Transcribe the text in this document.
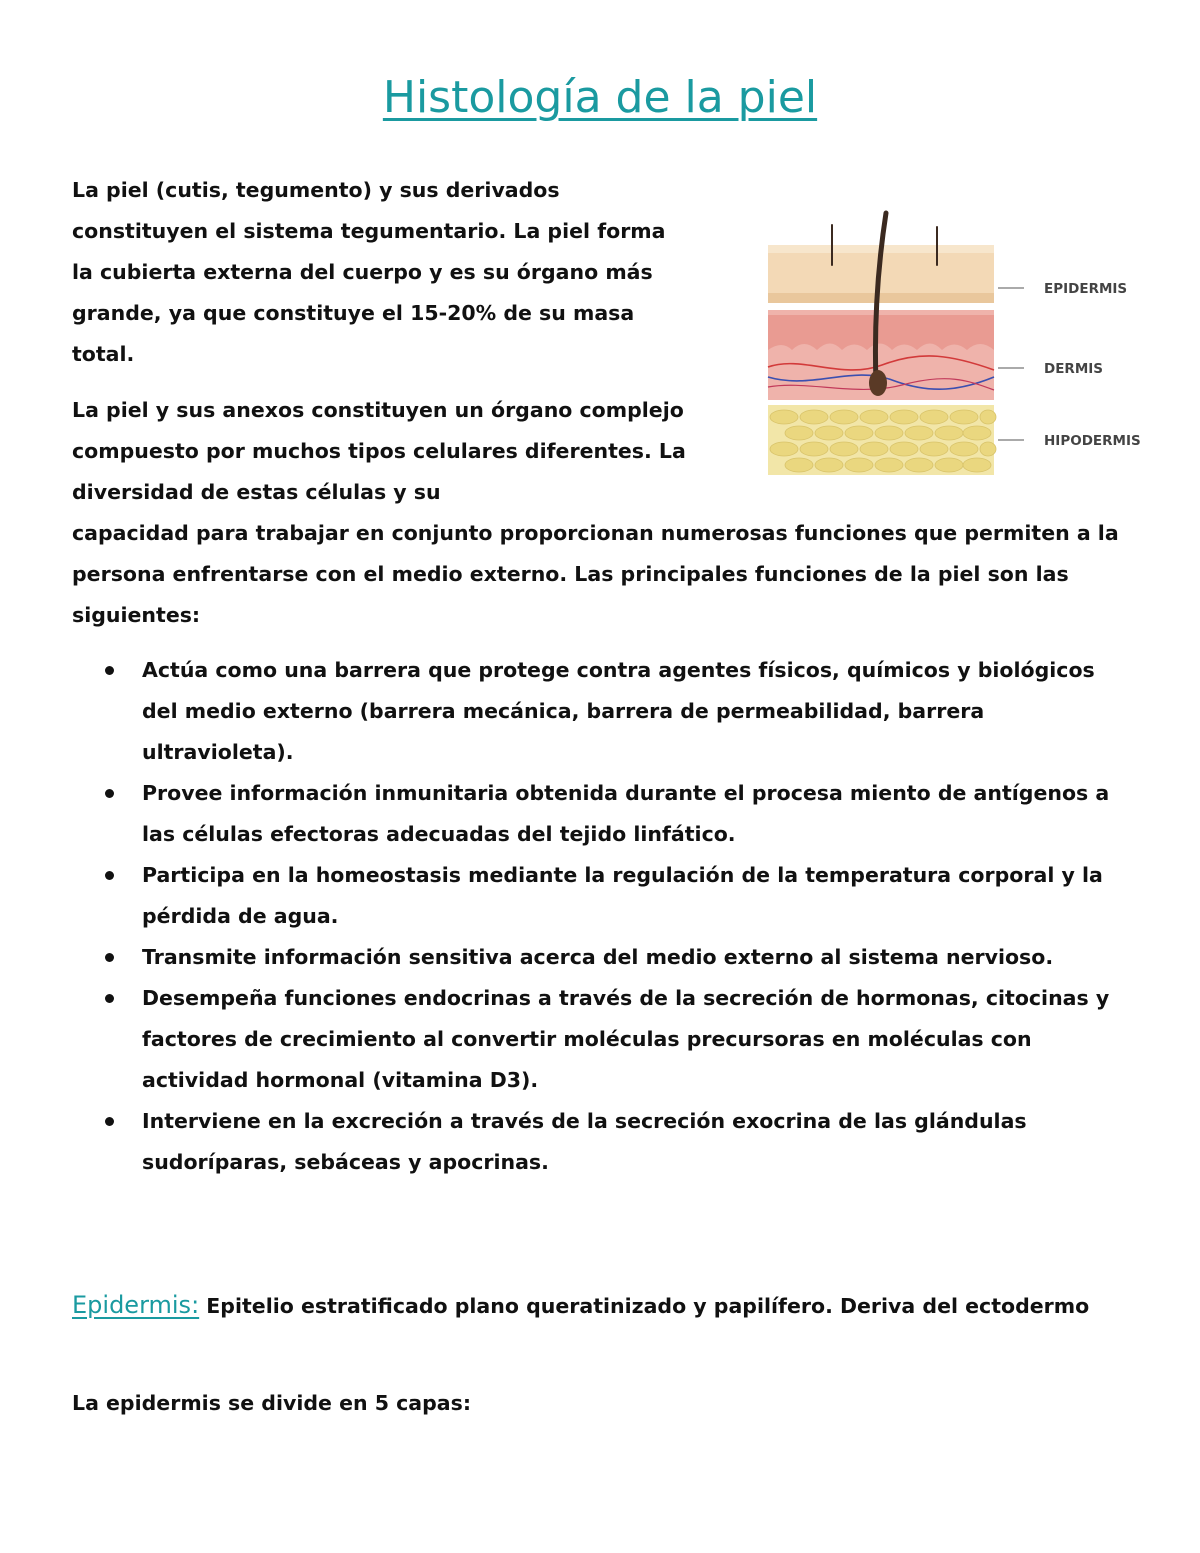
Histología de la piel
La piel (cutis, tegumento) y sus derivados constituyen el sistema tegumentario. La piel forma la cubierta externa del cuerpo y es su órgano más grande, ya que constituye el 15-20% de su masa total.
La piel y sus anexos constituyen un órgano complejo compuesto por muchos tipos celulares diferentes. La diversidad de estas células y su
capacidad para trabajar en conjunto proporcionan numerosas funciones que permiten a la persona enfrentarse con el medio externo. Las principales funciones de la piel son las siguientes:
EPIDERMIS
DERMIS
HIPODERMIS
Actúa como una barrera que protege contra agentes físicos, químicos y biológicos del medio externo (barrera mecánica, barrera de permeabilidad, barrera ultravioleta).
Provee información inmunitaria obtenida durante el procesa miento de antígenos a las células efectoras adecuadas del tejido linfático.
Participa en la homeostasis mediante la regulación de la temperatura corporal y la pérdida de agua.
Transmite información sensitiva acerca del medio externo al sistema nervioso.
Desempeña funciones endocrinas a través de la secreción de hormonas, citocinas y factores de crecimiento al convertir moléculas precursoras en moléculas con actividad hormonal (vitamina D3).
Interviene en la excreción a través de la secreción exocrina de las glándulas sudoríparas, sebáceas y apocrinas.
Epidermis: Epitelio estratificado plano queratinizado y papilífero. Deriva del ectodermo
La epidermis se divide en 5 capas:
